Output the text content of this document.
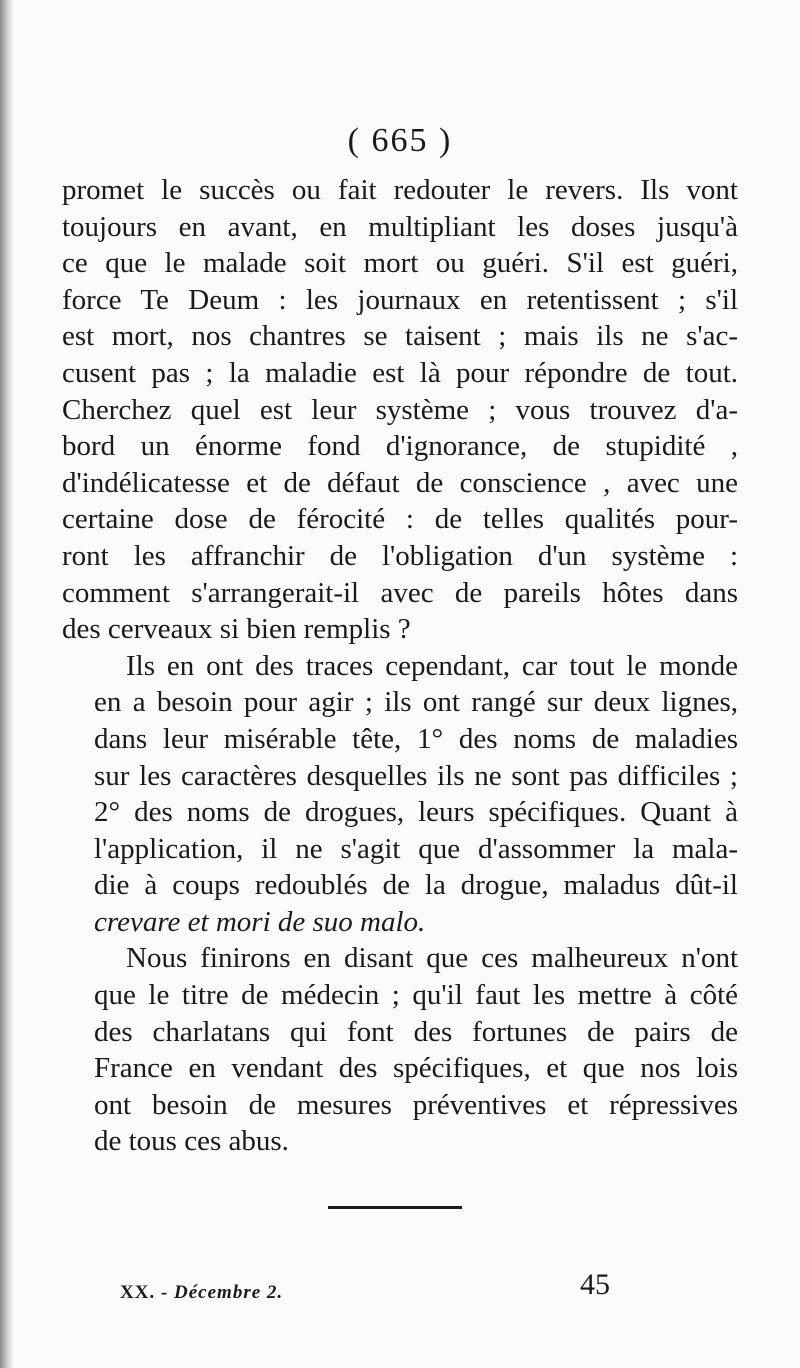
( 665 )

promet le succès ou fait redouter le revers. Ils vont
toujours en avant, en multipliant les doses jusqu'à
ce que le malade soit mort ou guéri. S'il est guéri,
force Te Deum : les journaux en retentissent ; s'il
est mort, nos chantres se taisent ; mais ils ne s'ac-
cusent pas ; la maladie est là pour répondre de tout.
Cherchez quel est leur système ; vous trouvez d'a-
bord un énorme fond d'ignorance, de stupidité ,
d'indélicatesse et de défaut de conscience , avec une
certaine dose de férocité : de telles qualités pour-
ront les affranchir de l'obligation d'un système :
comment s'arrangerait-il avec de pareils hôtes dans
des cerveaux si bien remplis ?

Ils en ont des traces cependant, car tout le monde
en a besoin pour agir ; ils ont rangé sur deux lignes,
dans leur misérable tête, 1° des noms de maladies
sur les caractères desquelles ils ne sont pas difficiles ;
2° des noms de drogues, leurs spécifiques. Quant à
l'application, il ne s'agit que d'assommer la mala-
die à coups redoublés de la drogue, maladus dût-il
crevare et mori de suo malo.

Nous finirons en disant que ces malheureux n'ont
que le titre de médecin ; qu'il faut les mettre à côté
des charlatans qui font des fortunes de pairs de
France en vendant des spécifiques, et que nos lois
ont besoin de mesures préventives et répressives
de tous ces abus.

XX. - Décembre 2.	45
